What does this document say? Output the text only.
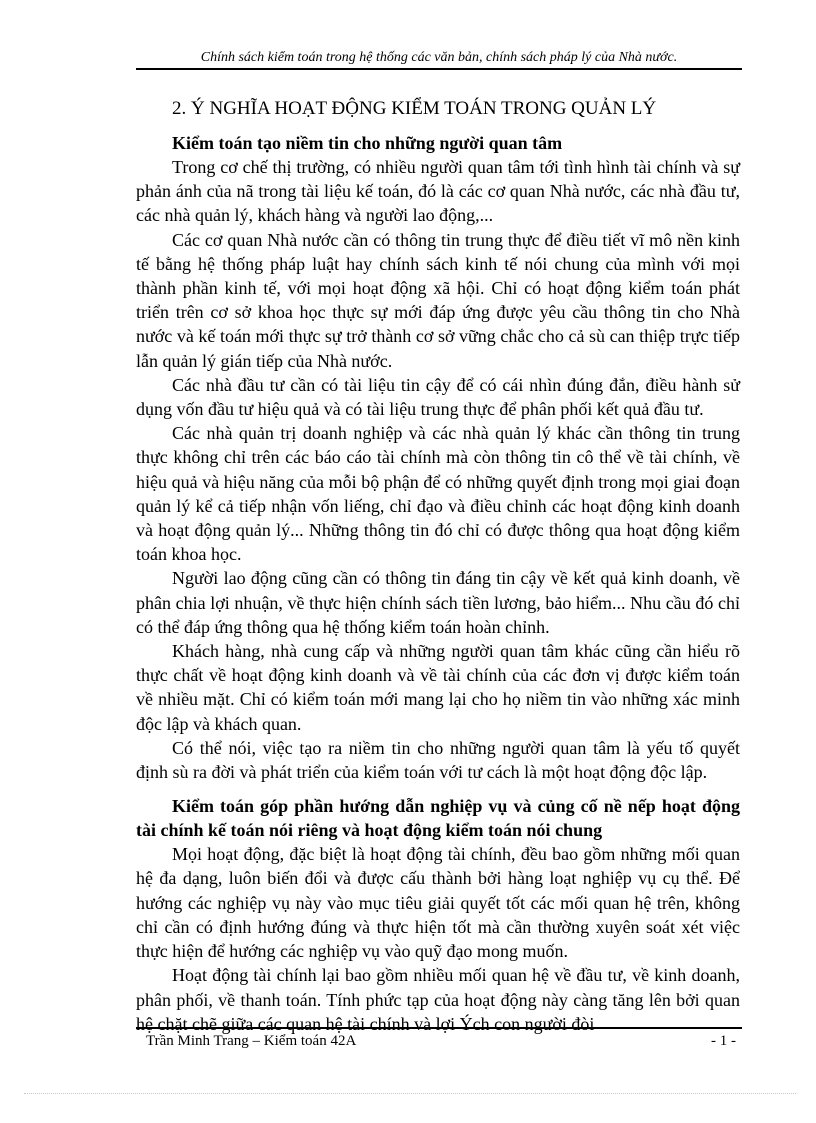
Chính sách kiểm toán trong hệ thống các văn bản, chính sách pháp lý của Nhà nước.
2. Ý NGHĨA HOẠT ĐỘNG KIỂM TOÁN TRONG QUẢN LÝ
Kiểm toán tạo niềm tin cho những người quan tâm

Trong cơ chế thị trường, có nhiều người quan tâm tới tình hình tài chính và sự phản ánh của nã trong tài liệu kế toán, đó là các cơ quan Nhà nước, các nhà đầu tư, các nhà quản lý, khách hàng và người lao động,...

Các cơ quan Nhà nước cần có thông tin trung thực để điều tiết vĩ mô nền kinh tế bằng hệ thống pháp luật hay chính sách kinh tế nói chung của mình với mọi thành phần kinh tế, với mọi hoạt động xã hội. Chỉ có hoạt động kiểm toán phát triển trên cơ sở khoa học thực sự mới đáp ứng được yêu cầu thông tin cho Nhà nước và kế toán mới thực sự trở thành cơ sở vững chắc cho cả sù can thiệp trực tiếp lẫn quản lý gián tiếp của Nhà nước.

Các nhà đầu tư cần có tài liệu tin cậy để có cái nhìn đúng đắn, điều hành sử dụng vốn đầu tư hiệu quả và có tài liệu trung thực để phân phối kết quả đầu tư.

Các nhà quản trị doanh nghiệp và các nhà quản lý khác cần thông tin trung thực không chỉ trên các báo cáo tài chính mà còn thông tin cô thể về tài chính, về hiệu quả và hiệu năng của mỗi bộ phận để có những quyết định trong mọi giai đoạn quản lý kể cả tiếp nhận vốn liếng, chỉ đạo và điều chỉnh các hoạt động kinh doanh và hoạt động quản lý... Những thông tin đó chỉ có được thông qua hoạt động kiểm toán khoa học.

Người lao động cũng cần có thông tin đáng tin cậy về kết quả kinh doanh, về phân chia lợi nhuận, về thực hiện chính sách tiền lương, bảo hiểm... Nhu cầu đó chỉ có thể đáp ứng thông qua hệ thống kiểm toán hoàn chỉnh.

Khách hàng, nhà cung cấp và những người quan tâm khác cũng cần hiểu rõ thực chất về hoạt động kinh doanh và về tài chính của các đơn vị được kiểm toán về nhiều mặt. Chỉ có kiểm toán mới mang lại cho họ niềm tin vào những xác minh độc lập và khách quan.

Có thể nói, việc tạo ra niềm tin cho những người quan tâm là yếu tố quyết định sù ra đời và phát triển của kiểm toán với tư cách là một hoạt động độc lập.

Kiểm toán góp phần hướng dẫn nghiệp vụ và củng cố nề nếp hoạt động tài chính kế toán nói riêng và hoạt động kiểm toán nói chung

Mọi hoạt động, đặc biệt là hoạt động tài chính, đều bao gồm những mối quan hệ đa dạng, luôn biến đổi và được cấu thành bởi hàng loạt nghiệp vụ cụ thể. Để hướng các nghiệp vụ này vào mục tiêu giải quyết tốt các mối quan hệ trên, không chỉ cần có định hướng đúng và thực hiện tốt mà cần thường xuyên soát xét việc thực hiện để hướng các nghiệp vụ vào quỹ đạo mong muốn.

Hoạt động tài chính lại bao gồm nhiều mối quan hệ về đầu tư, về kinh doanh, phân phối, về thanh toán. Tính phức tạp của hoạt động này càng tăng lên bởi quan hệ chặt chẽ giữa các quan hệ tài chính và lợi Ých con người đòi

Trần Minh Trang – Kiểm toán 42A	- 1 -
